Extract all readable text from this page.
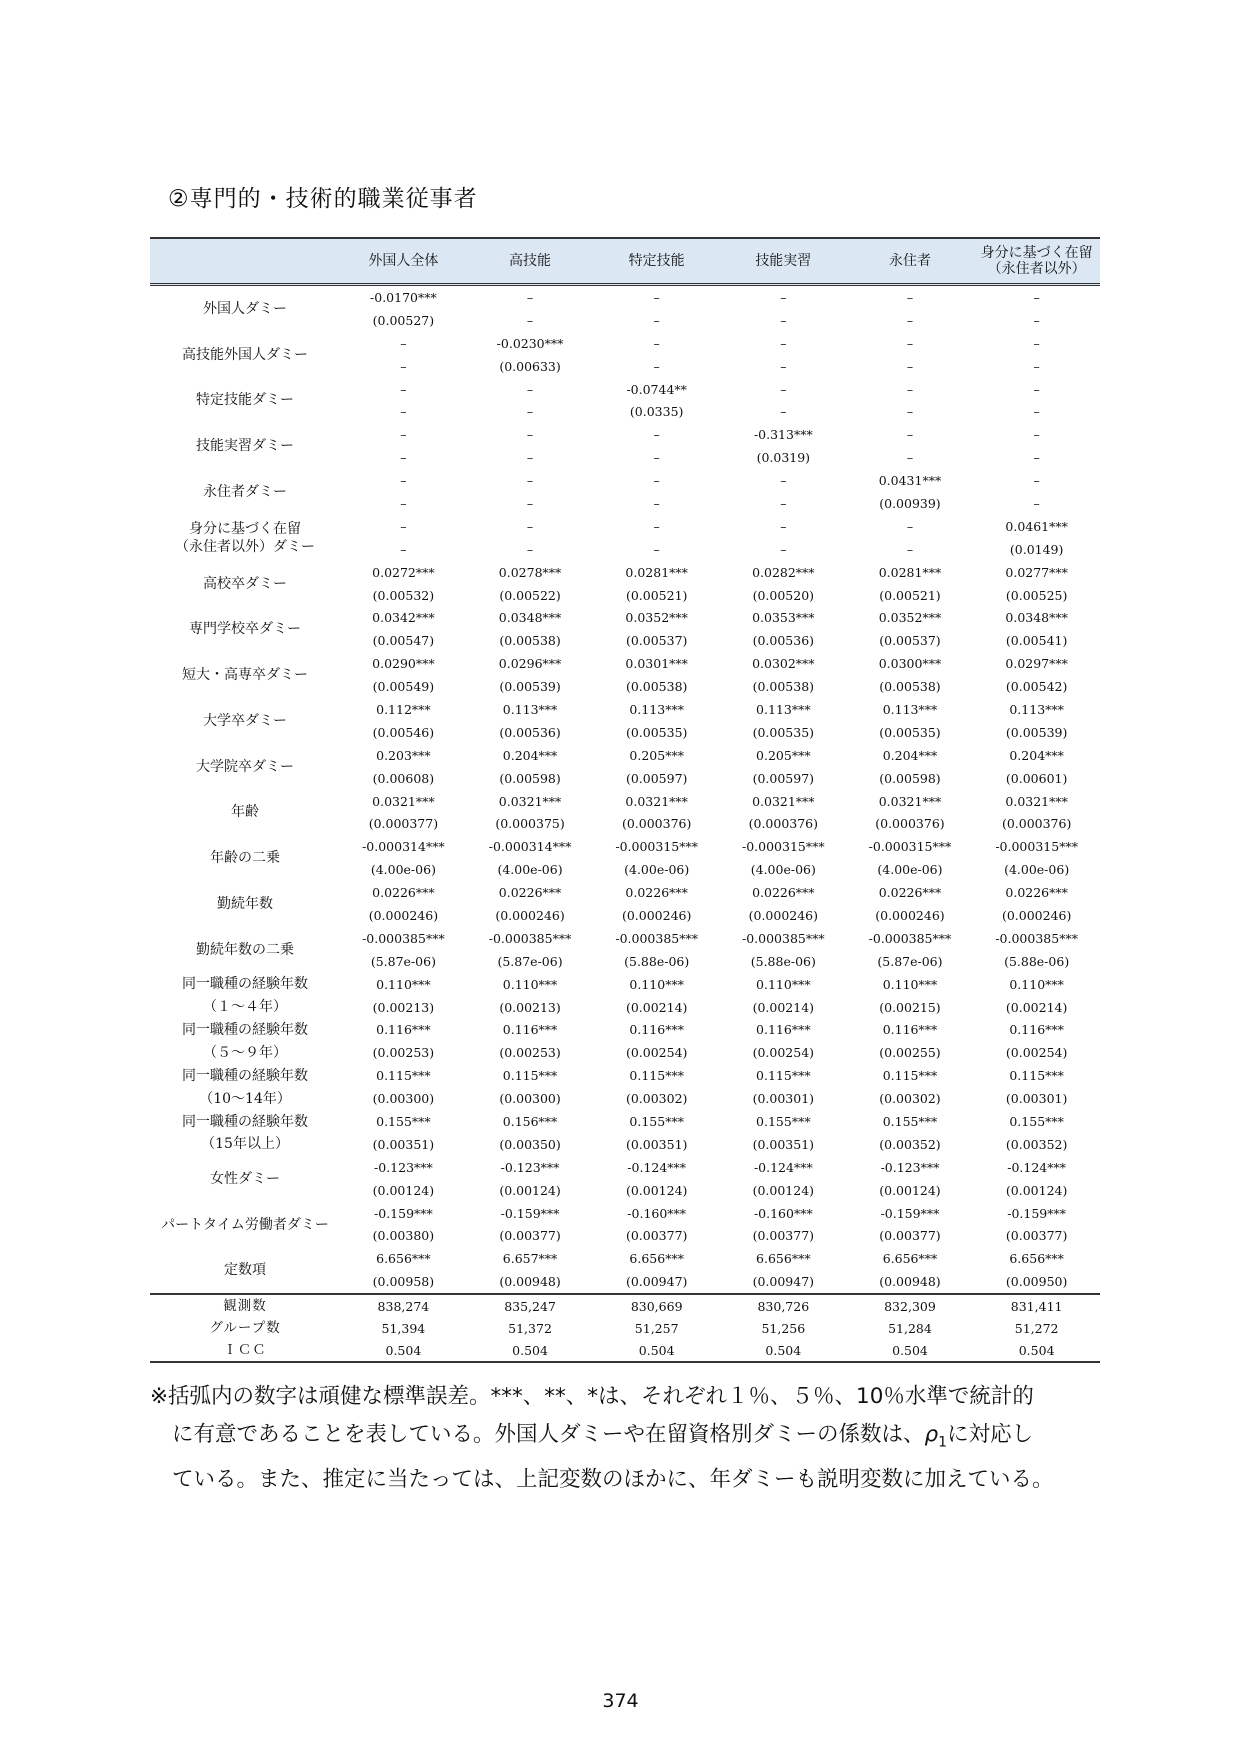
②専門的・技術的職業従事者
	外国人全体	高技能	特定技能	技能実習	永住者	身分に基づく在留
（永住者以外）
外国人ダミー	-0.0170***	–	–	–	–	–
	(0.00527)	–	–	–	–	–
高技能外国人ダミー	–	-0.0230***	–	–	–	–
	–	(0.00633)	–	–	–	–
特定技能ダミー	–	–	-0.0744**	–	–	–
	–	–	(0.0335)	–	–	–
技能実習ダミー	–	–	–	-0.313***	–	–
	–	–	–	(0.0319)	–	–
永住者ダミー	–	–	–	–	0.0431***	–
	–	–	–	–	(0.00939)	–
身分に基づく在留
（永住者以外）ダミー	–	–	–	–	–	0.0461***
	–	–	–	–	–	(0.0149)
高校卒ダミー	0.0272***	0.0278***	0.0281***	0.0282***	0.0281***	0.0277***
	(0.00532)	(0.00522)	(0.00521)	(0.00520)	(0.00521)	(0.00525)
専門学校卒ダミー	0.0342***	0.0348***	0.0352***	0.0353***	0.0352***	0.0348***
	(0.00547)	(0.00538)	(0.00537)	(0.00536)	(0.00537)	(0.00541)
短大・高専卒ダミー	0.0290***	0.0296***	0.0301***	0.0302***	0.0300***	0.0297***
	(0.00549)	(0.00539)	(0.00538)	(0.00538)	(0.00538)	(0.00542)
大学卒ダミー	0.112***	0.113***	0.113***	0.113***	0.113***	0.113***
	(0.00546)	(0.00536)	(0.00535)	(0.00535)	(0.00535)	(0.00539)
大学院卒ダミー	0.203***	0.204***	0.205***	0.205***	0.204***	0.204***
	(0.00608)	(0.00598)	(0.00597)	(0.00597)	(0.00598)	(0.00601)
年齢	0.0321***	0.0321***	0.0321***	0.0321***	0.0321***	0.0321***
	(0.000377)	(0.000375)	(0.000376)	(0.000376)	(0.000376)	(0.000376)
年齢の二乗	-0.000314***	-0.000314***	-0.000315***	-0.000315***	-0.000315***	-0.000315***
	(4.00e-06)	(4.00e-06)	(4.00e-06)	(4.00e-06)	(4.00e-06)	(4.00e-06)
勤続年数	0.0226***	0.0226***	0.0226***	0.0226***	0.0226***	0.0226***
	(0.000246)	(0.000246)	(0.000246)	(0.000246)	(0.000246)	(0.000246)
勤続年数の二乗	-0.000385***	-0.000385***	-0.000385***	-0.000385***	-0.000385***	-0.000385***
	(5.87e-06)	(5.87e-06)	(5.88e-06)	(5.88e-06)	(5.87e-06)	(5.88e-06)
同一職種の経験年数	0.110***	0.110***	0.110***	0.110***	0.110***	0.110***
（１～４年）	(0.00213)	(0.00213)	(0.00214)	(0.00214)	(0.00215)	(0.00214)
同一職種の経験年数	0.116***	0.116***	0.116***	0.116***	0.116***	0.116***
（５～９年）	(0.00253)	(0.00253)	(0.00254)	(0.00254)	(0.00255)	(0.00254)
同一職種の経験年数	0.115***	0.115***	0.115***	0.115***	0.115***	0.115***
（10～14年）	(0.00300)	(0.00300)	(0.00302)	(0.00301)	(0.00302)	(0.00301)
同一職種の経験年数	0.155***	0.156***	0.155***	0.155***	0.155***	0.155***
（15年以上）	(0.00351)	(0.00350)	(0.00351)	(0.00351)	(0.00352)	(0.00352)
女性ダミー	-0.123***	-0.123***	-0.124***	-0.124***	-0.123***	-0.124***
	(0.00124)	(0.00124)	(0.00124)	(0.00124)	(0.00124)	(0.00124)
パートタイム労働者ダミー	-0.159***	-0.159***	-0.160***	-0.160***	-0.159***	-0.159***
	(0.00380)	(0.00377)	(0.00377)	(0.00377)	(0.00377)	(0.00377)
定数項	6.656***	6.657***	6.656***	6.656***	6.656***	6.656***
	(0.00958)	(0.00948)	(0.00947)	(0.00947)	(0.00948)	(0.00950)
観測数	838,274	835,247	830,669	830,726	832,309	831,411
グループ数	51,394	51,372	51,257	51,256	51,284	51,272
ＩＣＣ	0.504	0.504	0.504	0.504	0.504	0.504

※括弧内の数字は頑健な標準誤差。***、**、*は、それぞれ１％、５％、10％水準で統計的
に有意であることを表している。外国人ダミーや在留資格別ダミーの係数は、$\rho_1$に対応し
ている。また、推定に当たっては、上記変数のほかに、年ダミーも説明変数に加えている。

374
